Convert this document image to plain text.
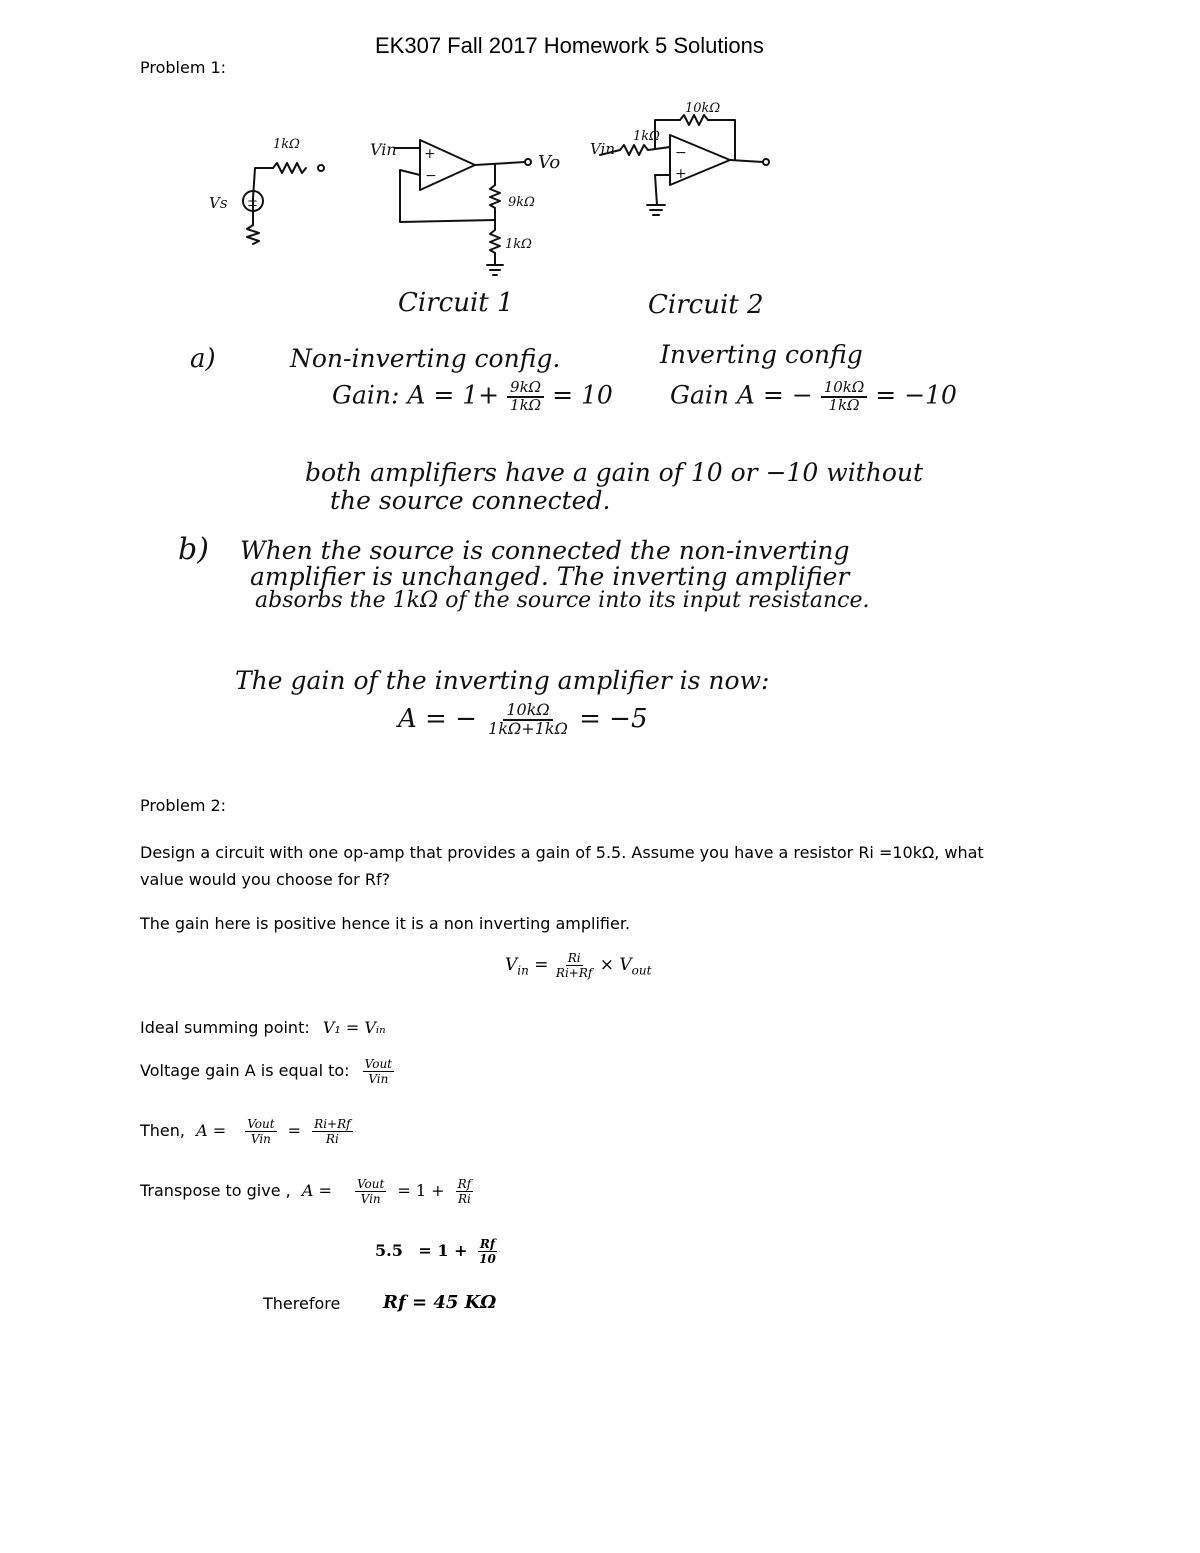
EK307 Fall 2017 Homework 5 Solutions
Problem 1:
1kΩ
Vs ±
Vin +
−
Vo
9kΩ
1kΩ
Vin
1kΩ
10kΩ
−
+
Circuit 1	Circuit 2
a)	Non-inverting config.	Inverting config
Gain: $A = 1+ \frac{9k\Omega}{1k\Omega} = 10$ Gain A = − $\frac{10k\Omega}{1k\Omega} = -10$
both amplifiers have a gain of 10 or −10 without
the source connected.
b) When the source is connected the non-inverting
amplifier is unchanged. The inverting amplifier
absorbs the 1kΩ of the source into its input resistance.
The gain of the inverting amplifier is now:
A = − $\frac{10k\Omega}{1k\Omega+1k\Omega} = -5$
Problem 2:
Design a circuit with one op-amp that provides a gain of 5.5. Assume you have a resistor Ri =10kΩ, what
value would you choose for Rf?
The gain here is positive hence it is a non inverting amplifier.
$V_{in} = \frac{Ri}{Ri+Rf} \times V_{out}$
Ideal summing point: V₁ = Vᵢₙ
Voltage gain A is equal to: $\frac{\text{Vout}}{\text{Vin}}$
Then, $A = \frac{\text{Vout}}{\text{Vin}} = \frac{Ri+Rf}{Ri}$
Transpose to give , $A = \frac{\text{Vout}}{\text{Vin}} = 1 + \frac{Rf}{Ri}$
$5.5 = 1 + \frac{Rf}{10}$
Therefore Rf = 45 KΩ
